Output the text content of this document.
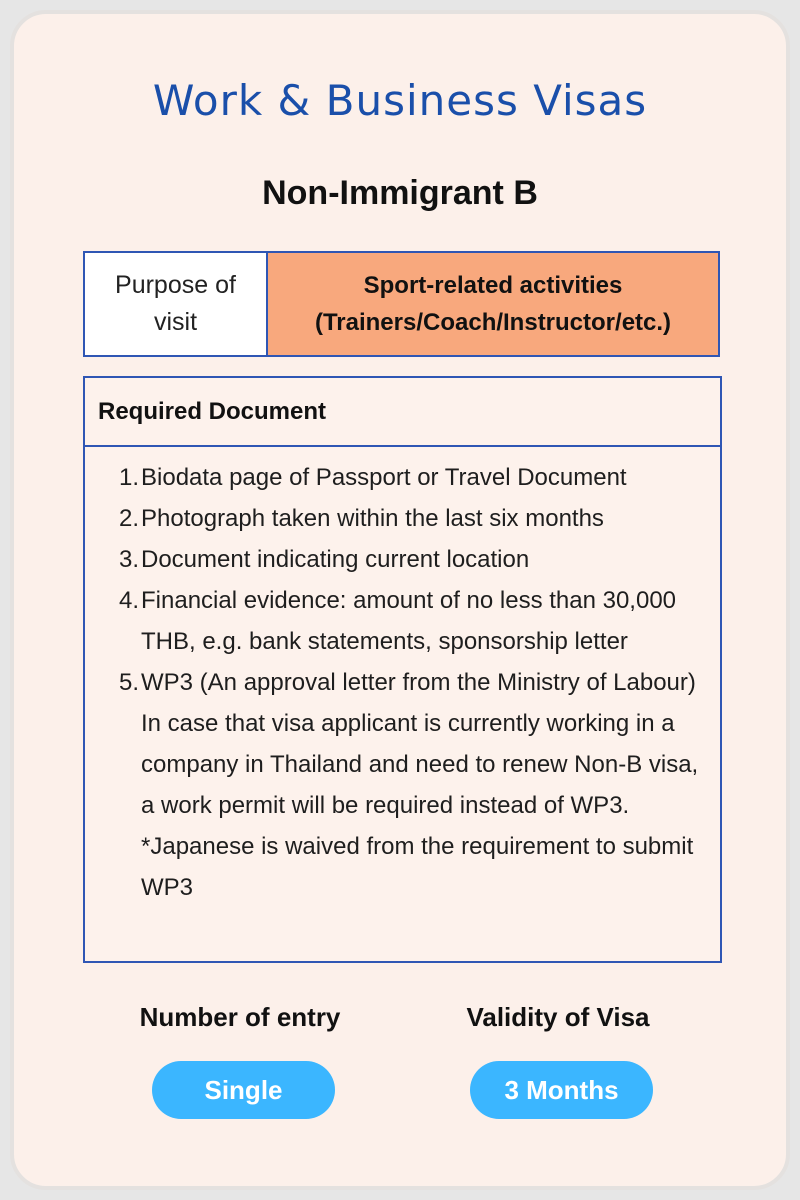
Work & Business Visas
Non-Immigrant B
Purpose of visit
Sport-related activities
(Trainers/Coach/Instructor/etc.)
Required Document
1. Biodata page of Passport or Travel Document
2. Photograph taken within the last six months
3. Document indicating current location
4. Financial evidence: amount of no less than 30,000 THB, e.g. bank statements, sponsorship letter
5. WP3 (An approval letter from the Ministry of Labour) In case that visa applicant is currently working in a company in Thailand and need to renew Non-B visa, a work permit will be required instead of WP3. *Japanese is waived from the requirement to submit WP3
Number of entry	Validity of Visa
Single	3 Months
